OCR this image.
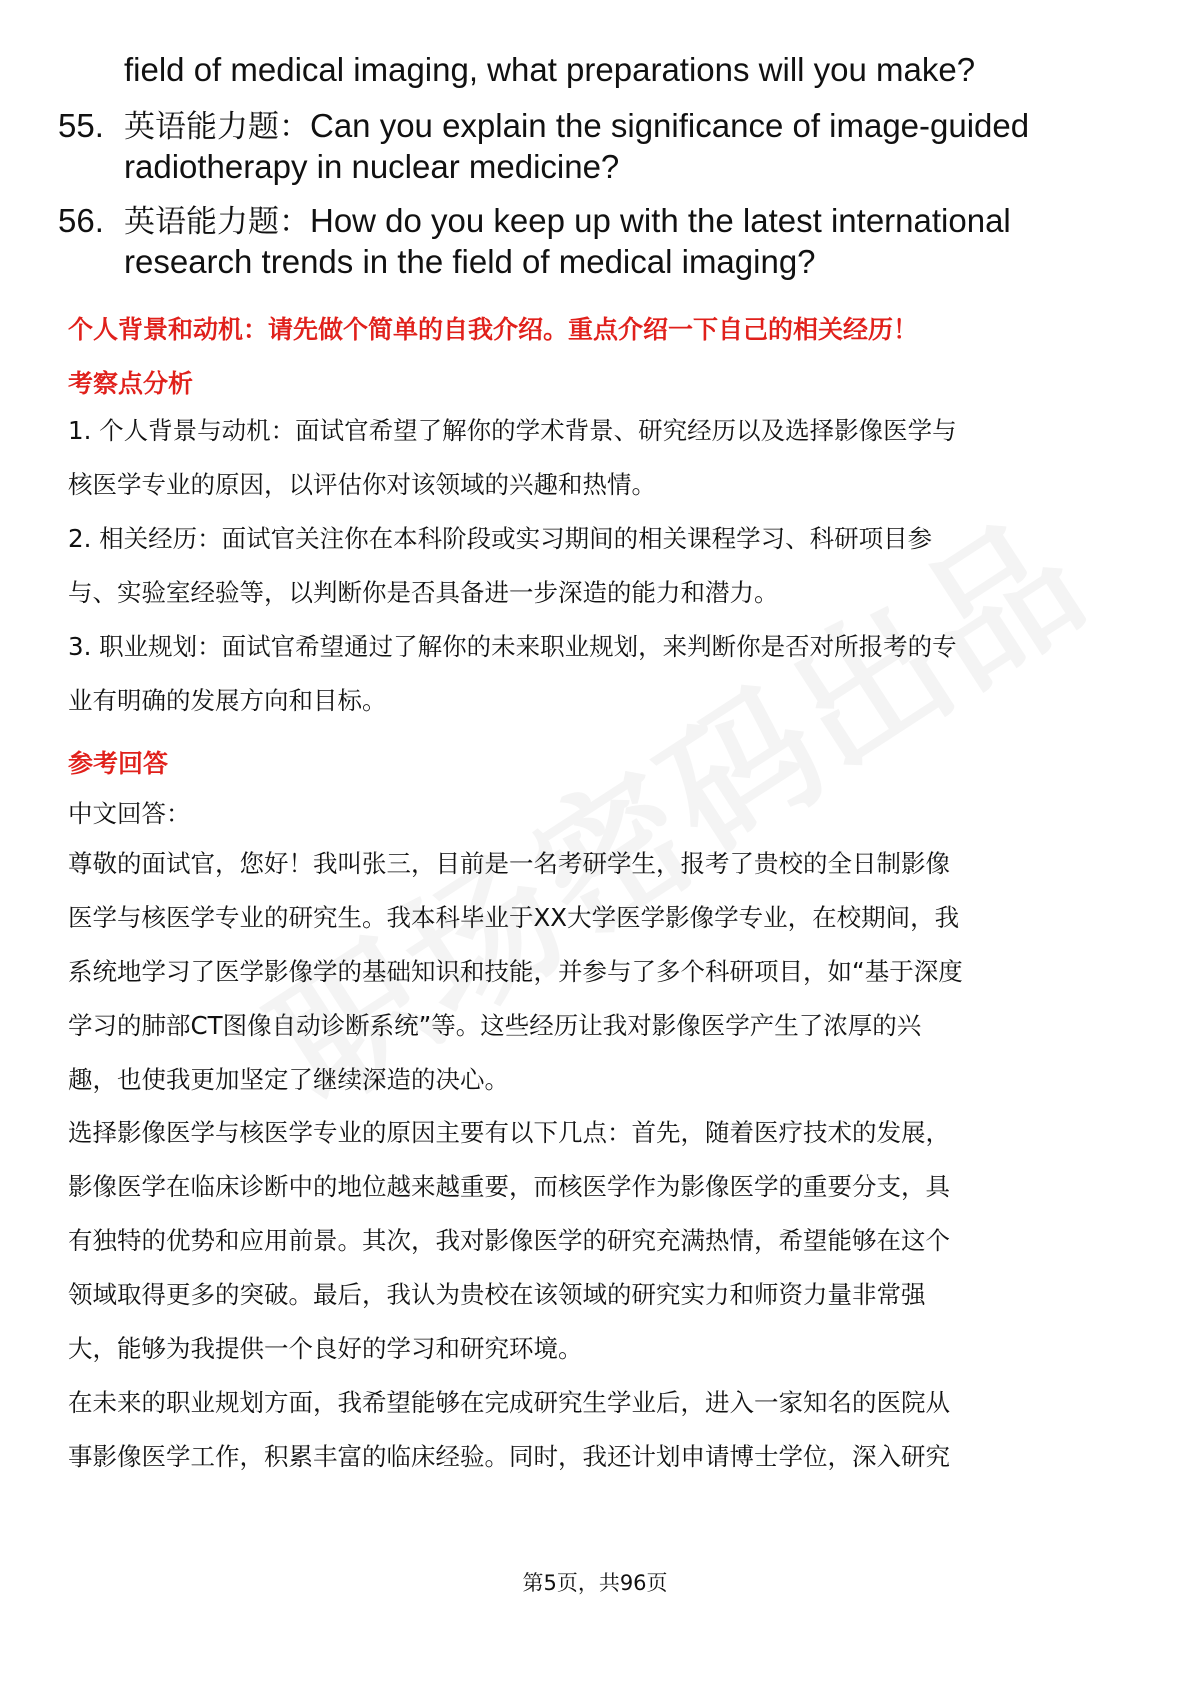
field of medical imaging, what preparations will you make?
55. 英语能力题：Can you explain the significance of image-guided
radiotherapy in nuclear medicine?
56. 英语能力题：How do you keep up with the latest international
research trends in the field of medical imaging?
个人背景和动机：请先做个简单的自我介绍。重点介绍一下自己的相关经历！
考察点分析
1. 个人背景与动机：面试官希望了解你的学术背景、研究经历以及选择影像医学与
核医学专业的原因，以评估你对该领域的兴趣和热情。
2. 相关经历：面试官关注你在本科阶段或实习期间的相关课程学习、科研项目参
与、实验室经验等，以判断你是否具备进一步深造的能力和潜力。
3. 职业规划：面试官希望通过了解你的未来职业规划，来判断你是否对所报考的专
业有明确的发展方向和目标。
参考回答
中文回答：
尊敬的面试官，您好！我叫张三，目前是一名考研学生，报考了贵校的全日制影像
医学与核医学专业的研究生。我本科毕业于XX大学医学影像学专业，在校期间，我
系统地学习了医学影像学的基础知识和技能，并参与了多个科研项目，如“基于深度
学习的肺部CT图像自动诊断系统”等。这些经历让我对影像医学产生了浓厚的兴
趣，也使我更加坚定了继续深造的决心。
选择影像医学与核医学专业的原因主要有以下几点：首先，随着医疗技术的发展，
影像医学在临床诊断中的地位越来越重要，而核医学作为影像医学的重要分支，具
有独特的优势和应用前景。其次，我对影像医学的研究充满热情，希望能够在这个
领域取得更多的突破。最后，我认为贵校在该领域的研究实力和师资力量非常强
大，能够为我提供一个良好的学习和研究环境。
在未来的职业规划方面，我希望能够在完成研究生学业后，进入一家知名的医院从
事影像医学工作，积累丰富的临床经验。同时，我还计划申请博士学位，深入研究
第5页，共96页
